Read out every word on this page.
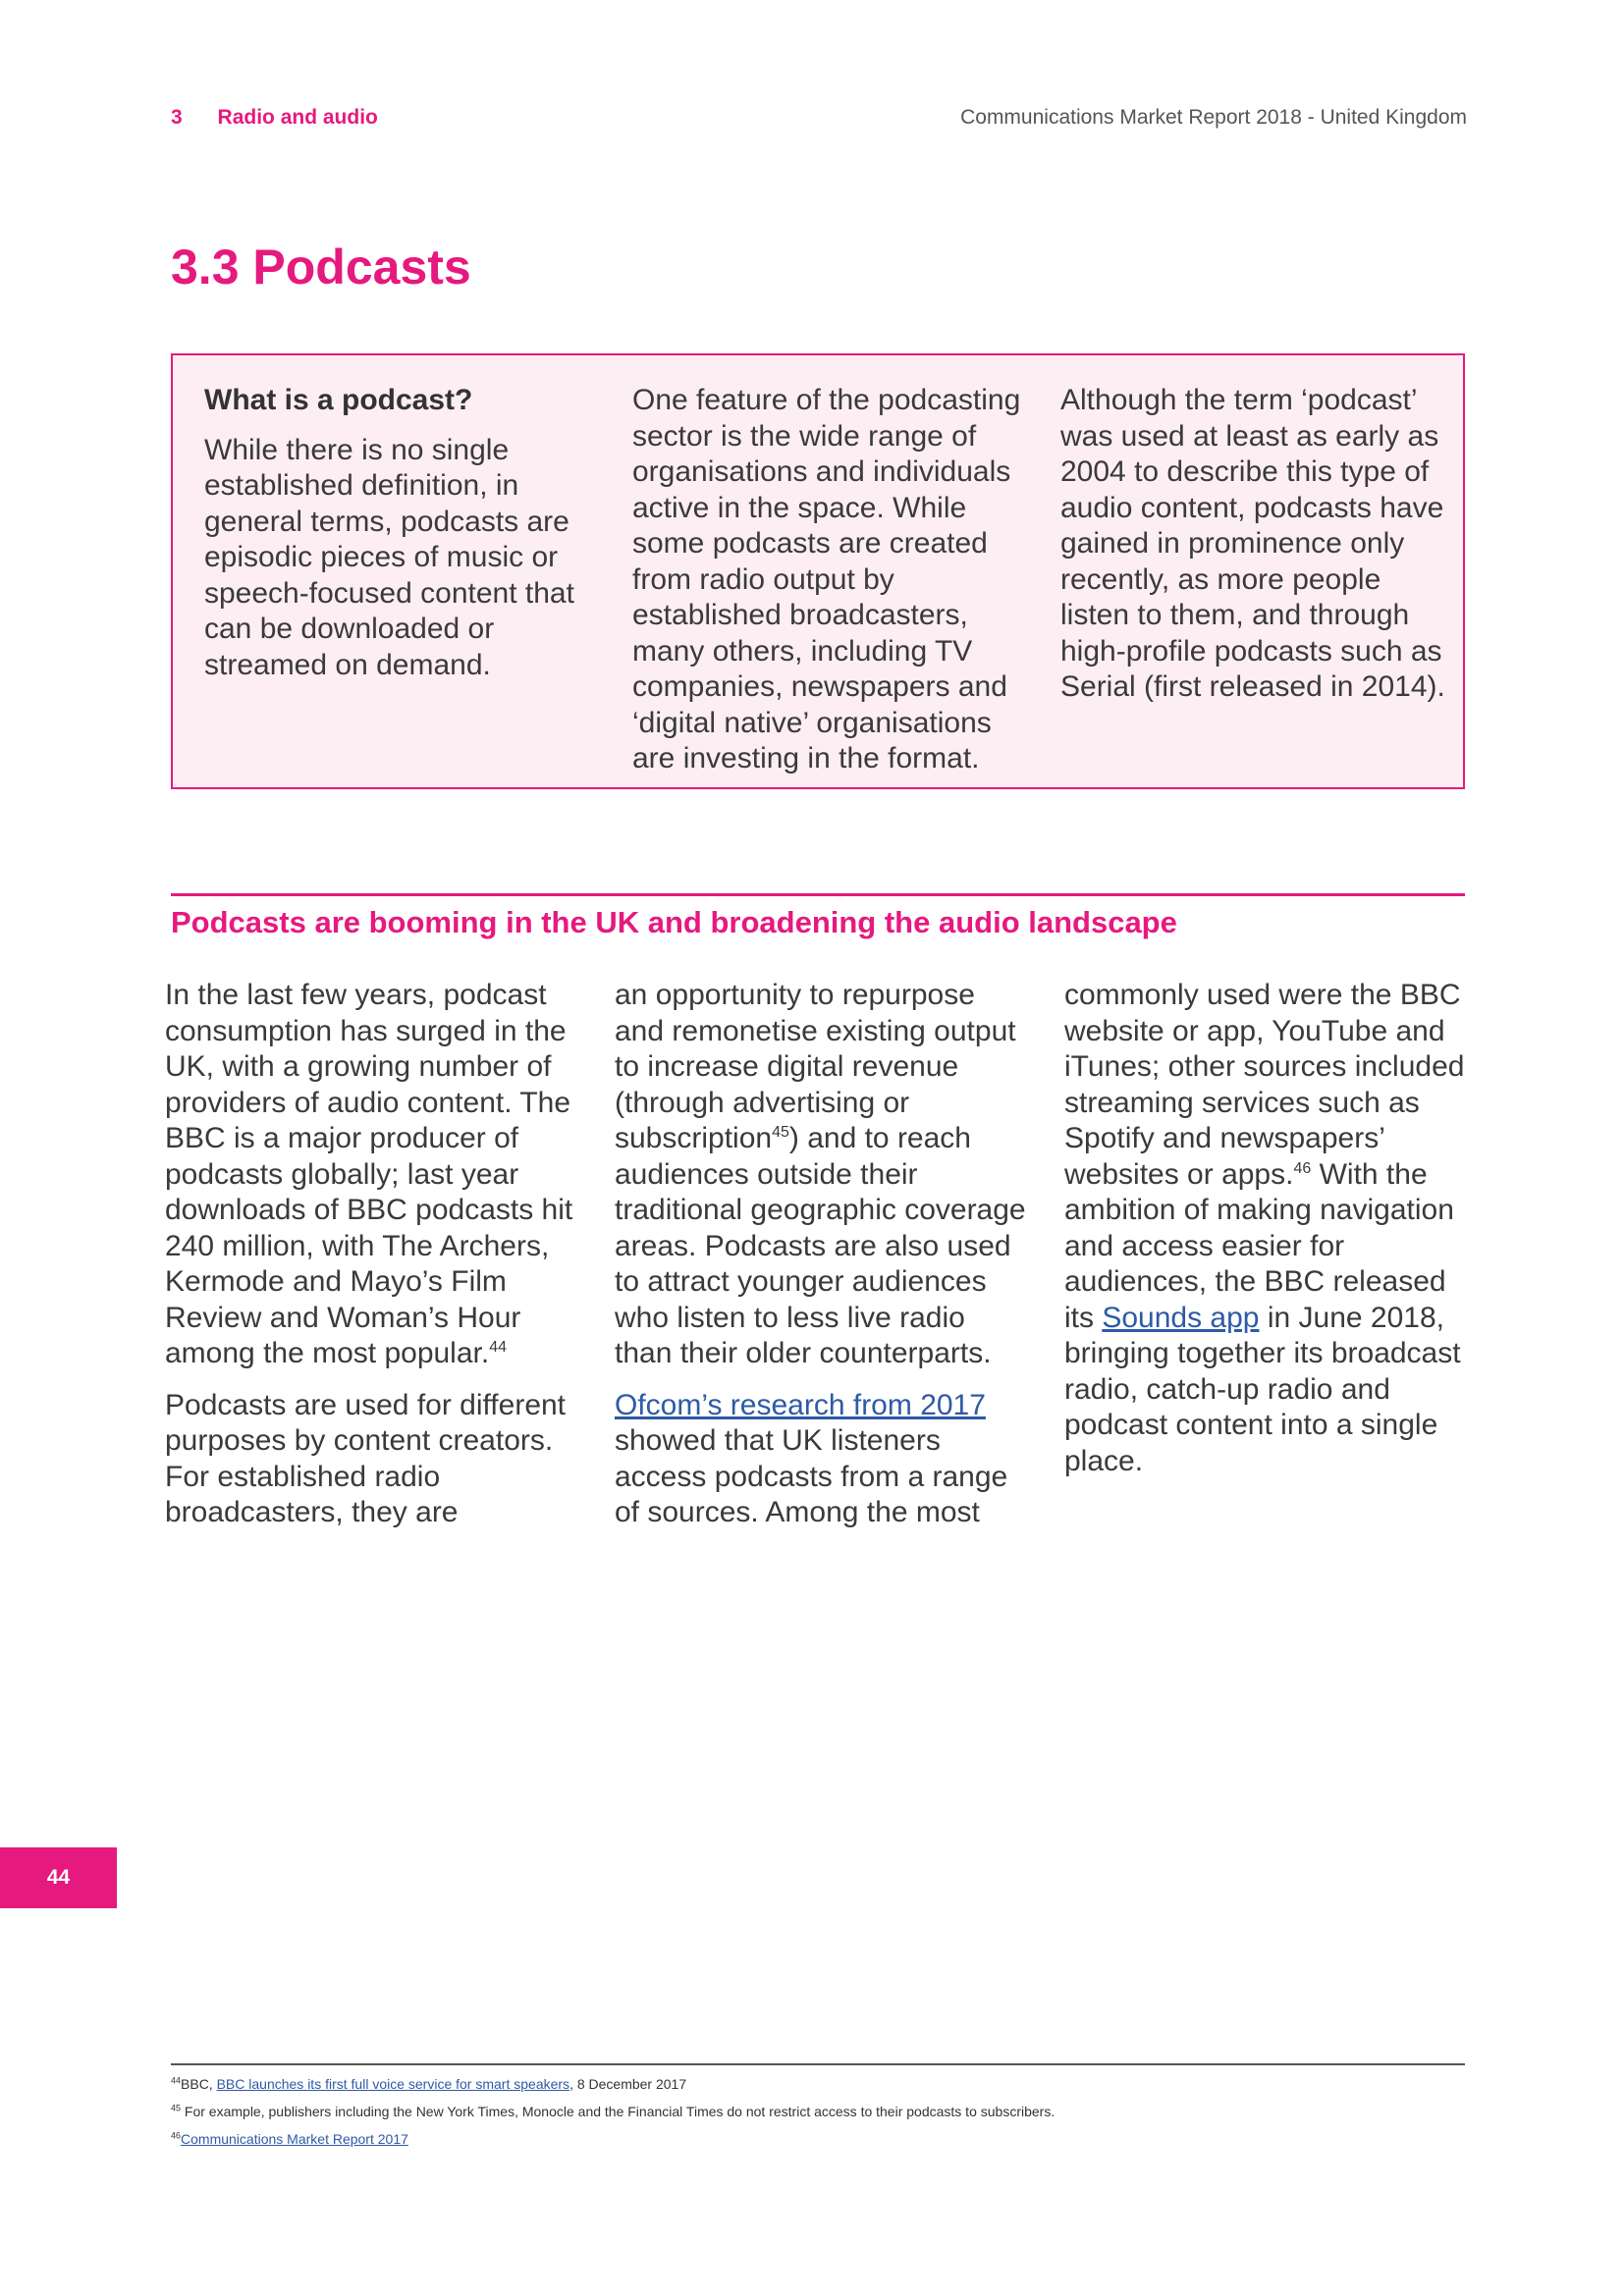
3 Radio and audio	Communications Market Report 2018 - United Kingdom
3.3 Podcasts

What is a podcast?

While there is no single established definition, in general terms, podcasts are episodic pieces of music or speech-focused content that can be downloaded or streamed on demand.

One feature of the podcasting sector is the wide range of organisations and individuals active in the space. While some podcasts are created from radio output by established broadcasters, many others, including TV companies, newspapers and ‘digital native’ organisations are investing in the format.

Although the term ‘podcast’ was used at least as early as 2004 to describe this type of audio content, podcasts have gained in prominence only recently, as more people listen to them, and through high-profile podcasts such as Serial (first released in 2014).

Podcasts are booming in the UK and broadening the audio landscape

In the last few years, podcast consumption has surged in the UK, with a growing number of providers of audio content. The BBC is a major producer of podcasts globally; last year downloads of BBC podcasts hit 240 million, with The Archers, Kermode and Mayo’s Film Review and Woman’s Hour among the most popular.$^{44}$

Podcasts are used for different purposes by content creators. For established radio broadcasters, they are

an opportunity to repurpose and remonetise existing output to increase digital revenue (through advertising or subscription$^{45}$) and to reach audiences outside their traditional geographic coverage areas. Podcasts are also used to attract younger audiences who listen to less live radio than their older counterparts.

Ofcom’s research from 2017 showed that UK listeners access podcasts from a range of sources. Among the most

commonly used were the BBC website or app, YouTube and iTunes; other sources included streaming services such as Spotify and newspapers’ websites or apps.$^{46}$ With the ambition of making navigation and access easier for audiences, the BBC released its Sounds app in June 2018, bringing together its broadcast radio, catch-up radio and podcast content into a single place.

44
$^{44}$BBC, BBC launches its first full voice service for smart speakers, 8 December 2017
$^{45}$ For example, publishers including the New York Times, Monocle and the Financial Times do not restrict access to their podcasts to subscribers.
$^{46}$Communications Market Report 2017
